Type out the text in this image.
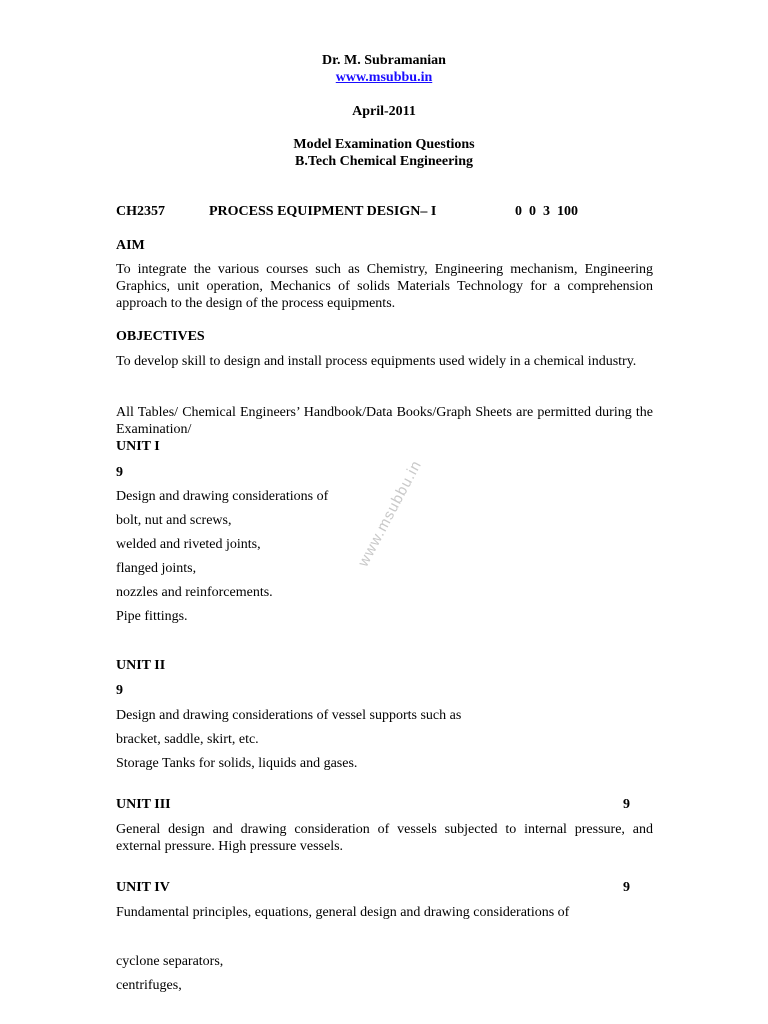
Dr. M. Subramanian
www.msubbu.in
April-2011
Model Examination Questions
B.Tech Chemical Engineering
CH2357	PROCESS EQUIPMENT DESIGN– I	0  0  3  100
AIM
To integrate the various courses such as Chemistry, Engineering mechanism, Engineering Graphics, unit operation, Mechanics of solids Materials Technology for a comprehension approach to the design of the process equipments.
OBJECTIVES
To develop skill to design and install process equipments used widely in a chemical industry.
All Tables/ Chemical Engineers’ Handbook/Data Books/Graph Sheets are permitted during the Examination/
UNIT I
9
Design and drawing considerations of
bolt, nut and screws,
welded and riveted joints,
flanged joints,
nozzles and reinforcements.
Pipe fittings.
UNIT II
9
Design and drawing considerations of vessel supports such as
bracket, saddle, skirt, etc.
Storage Tanks for solids, liquids and gases.
UNIT III	9
General design and drawing consideration of vessels subjected to internal pressure, and external pressure. High pressure vessels.
UNIT IV	9
Fundamental principles, equations, general design and drawing considerations of
cyclone separators,
centrifuges,
www.msubbu.in
